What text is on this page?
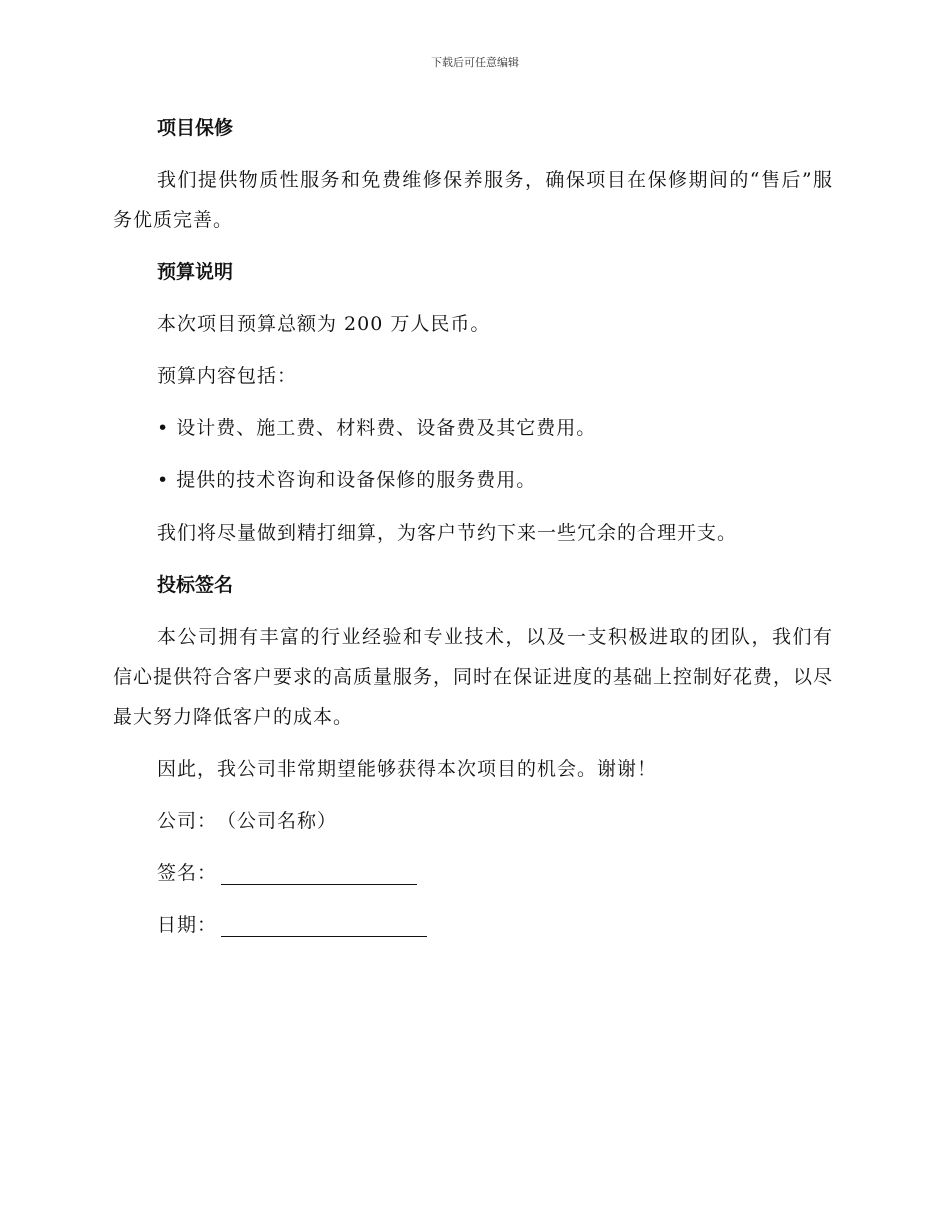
下载后可任意编辑
项目保修

我们提供物质性服务和免费维修保养服务，确保项目在保修期间的“售后”服务优质完善。

预算说明

本次项目预算总额为 200 万人民币。

预算内容包括：

• 设计费、施工费、材料费、设备费及其它费用。

• 提供的技术咨询和设备保修的服务费用。

我们将尽量做到精打细算，为客户节约下来一些冗余的合理开支。

投标签名

本公司拥有丰富的行业经验和专业技术，以及一支积极进取的团队，我们有信心提供符合客户要求的高质量服务，同时在保证进度的基础上控制好花费，以尽最大努力降低客户的成本。

因此，我公司非常期望能够获得本次项目的机会。谢谢！

公司： （公司名称）
签名：
日期：
